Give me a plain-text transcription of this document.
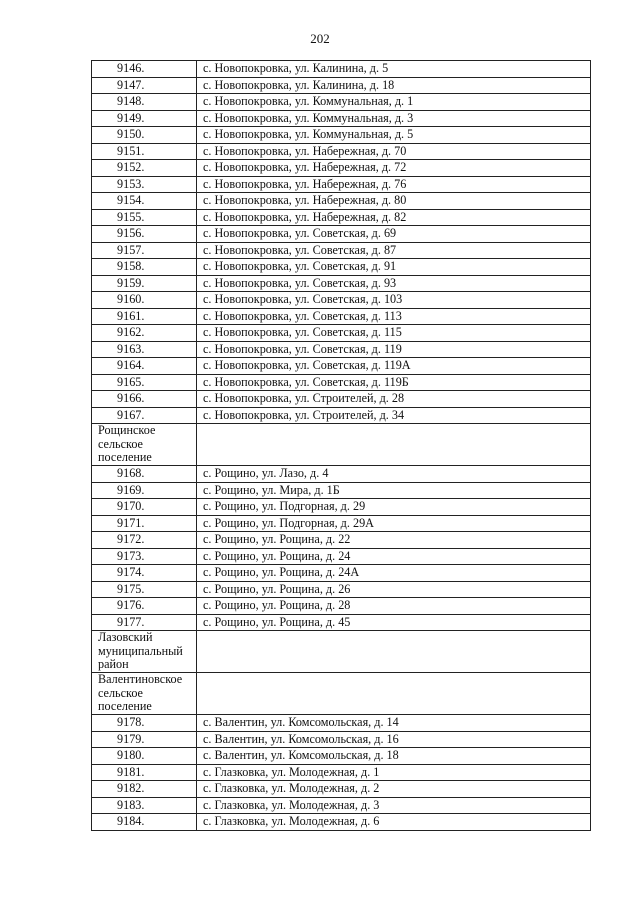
202
9146.	с. Новопокровка, ул. Калинина, д. 5
9147.	с. Новопокровка, ул. Калинина, д. 18
9148.	с. Новопокровка, ул. Коммунальная, д. 1
9149.	с. Новопокровка, ул. Коммунальная, д. 3
9150.	с. Новопокровка, ул. Коммунальная, д. 5
9151.	с. Новопокровка, ул. Набережная, д. 70
9152.	с. Новопокровка, ул. Набережная, д. 72
9153.	с. Новопокровка, ул. Набережная, д. 76
9154.	с. Новопокровка, ул. Набережная, д. 80
9155.	с. Новопокровка, ул. Набережная, д. 82
9156.	с. Новопокровка, ул. Советская, д. 69
9157.	с. Новопокровка, ул. Советская, д. 87
9158.	с. Новопокровка, ул. Советская, д. 91
9159.	с. Новопокровка, ул. Советская, д. 93
9160.	с. Новопокровка, ул. Советская, д. 103
9161.	с. Новопокровка, ул. Советская, д. 113
9162.	с. Новопокровка, ул. Советская, д. 115
9163.	с. Новопокровка, ул. Советская, д. 119
9164.	с. Новопокровка, ул. Советская, д. 119А
9165.	с. Новопокровка, ул. Советская, д. 119Б
9166.	с. Новопокровка, ул. Строителей, д. 28
9167.	с. Новопокровка, ул. Строителей, д. 34
Рощинское сельское поселение	
9168.	с. Рощино, ул. Лазо, д. 4
9169.	с. Рощино, ул. Мира, д. 1Б
9170.	с. Рощино, ул. Подгорная, д. 29
9171.	с. Рощино, ул. Подгорная, д. 29А
9172.	с. Рощино, ул. Рощина, д. 22
9173.	с. Рощино, ул. Рощина, д. 24
9174.	с. Рощино, ул. Рощина, д. 24А
9175.	с. Рощино, ул. Рощина, д. 26
9176.	с. Рощино, ул. Рощина, д. 28
9177.	с. Рощино, ул. Рощина, д. 45
Лазовский муниципальный район	
Валентиновское сельское поселение	
9178.	с. Валентин, ул. Комсомольская, д. 14
9179.	с. Валентин, ул. Комсомольская, д. 16
9180.	с. Валентин, ул. Комсомольская, д. 18
9181.	с. Глазковка, ул. Молодежная, д. 1
9182.	с. Глазковка, ул. Молодежная, д. 2
9183.	с. Глазковка, ул. Молодежная, д. 3
9184.	с. Глазковка, ул. Молодежная, д. 6
